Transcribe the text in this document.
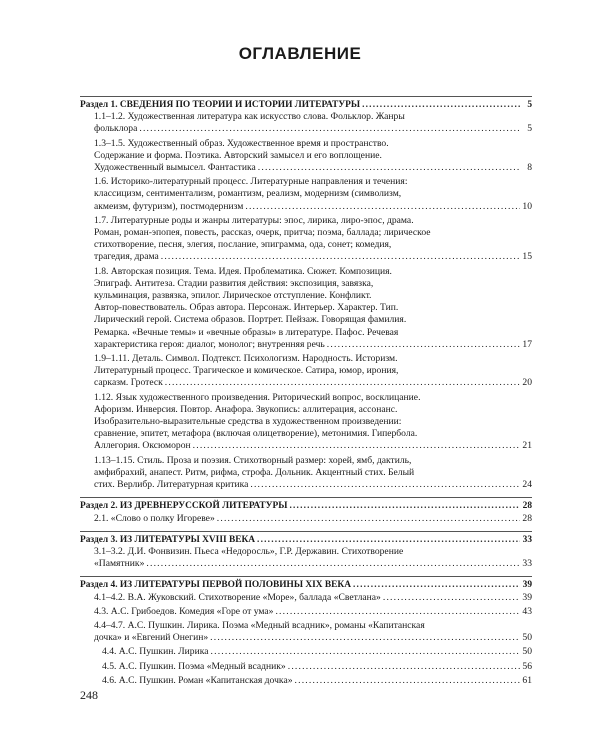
ОГЛАВЛЕНИЕ
Раздел 1. СВЕДЕНИЯ ПО ТЕОРИИ И ИСТОРИИ ЛИТЕРАТУРЫ .....	5
1.1–1.2. Художественная литература как искусство слова. Фольклор. Жанры
фольклора .....	5
1.3–1.5. Художественный образ. Художественное время и пространство.
Содержание и форма. Поэтика. Авторский замысел и его воплощение.
Художественный вымысел. Фантастика .....	8
1.6. Историко-литературный процесс. Литературные направления и течения:
классицизм, сентиментализм, романтизм, реализм, модернизм (символизм,
акмеизм, футуризм), постмодернизм .....	10
1.7. Литературные роды и жанры литературы: эпос, лирика, лиро-эпос, драма.
Роман, роман-эпопея, повесть, рассказ, очерк, притча; поэма, баллада; лирическое
стихотворение, песня, элегия, послание, эпиграмма, ода, сонет; комедия,
трагедия, драма .....	15
1.8. Авторская позиция. Тема. Идея. Проблематика. Сюжет. Композиция.
Эпиграф. Антитеза. Стадии развития действия: экспозиция, завязка,
кульминация, развязка, эпилог. Лирическое отступление. Конфликт.
Автор-повествователь. Образ автора. Персонаж. Интерьер. Характер. Тип.
Лирический герой. Система образов. Портрет. Пейзаж. Говорящая фамилия.
Ремарка. «Вечные темы» и «вечные образы» в литературе. Пафос. Речевая
характеристика героя: диалог, монолог; внутренняя речь .....	17
1.9–1.11. Деталь. Символ. Подтекст. Психологизм. Народность. Историзм.
Литературный процесс. Трагическое и комическое. Сатира, юмор, ирония,
сарказм. Гротеск .....	20
1.12. Язык художественного произведения. Риторический вопрос, восклицание.
Афоризм. Инверсия. Повтор. Анафора. Звукопись: аллитерация, ассонанс.
Изобразительно-выразительные средства в художественном произведении:
сравнение, эпитет, метафора (включая олицетворение), метонимия. Гипербола.
Аллегория. Оксюморон .....	21
1.13–1.15. Стиль. Проза и поэзия. Стихотворный размер: хорей, ямб, дактиль,
амфибрахий, анапест. Ритм, рифма, строфа. Дольник. Акцентный стих. Белый
стих. Верлибр. Литературная критика .....	24
Раздел 2. ИЗ ДРЕВНЕРУССКОЙ ЛИТЕРАТУРЫ .....	28
2.1. «Слово о полку Игореве» .....	28
Раздел 3. ИЗ ЛИТЕРАТУРЫ XVIII ВЕКА .....	33
3.1–3.2. Д.И. Фонвизин. Пьеса «Недоросль», Г.Р. Державин. Стихотворение
«Памятник» .....	33
Раздел 4. ИЗ ЛИТЕРАТУРЫ ПЕРВОЙ ПОЛОВИНЫ XIX ВЕКА .....	39
4.1–4.2. В.А. Жуковский. Стихотворение «Море», баллада «Светлана» .....	39
4.3. А.С. Грибоедов. Комедия «Горе от ума» .....	43
4.4–4.7. А.С. Пушкин. Лирика. Поэма «Медный всадник», романы «Капитанская
дочка» и «Евгений Онегин» .....	50
4.4. А.С. Пушкин. Лирика .....	50
4.5. А.С. Пушкин. Поэма «Медный всадник» .....	56
4.6. А.С. Пушкин. Роман «Капитанская дочка» .....	61
248
